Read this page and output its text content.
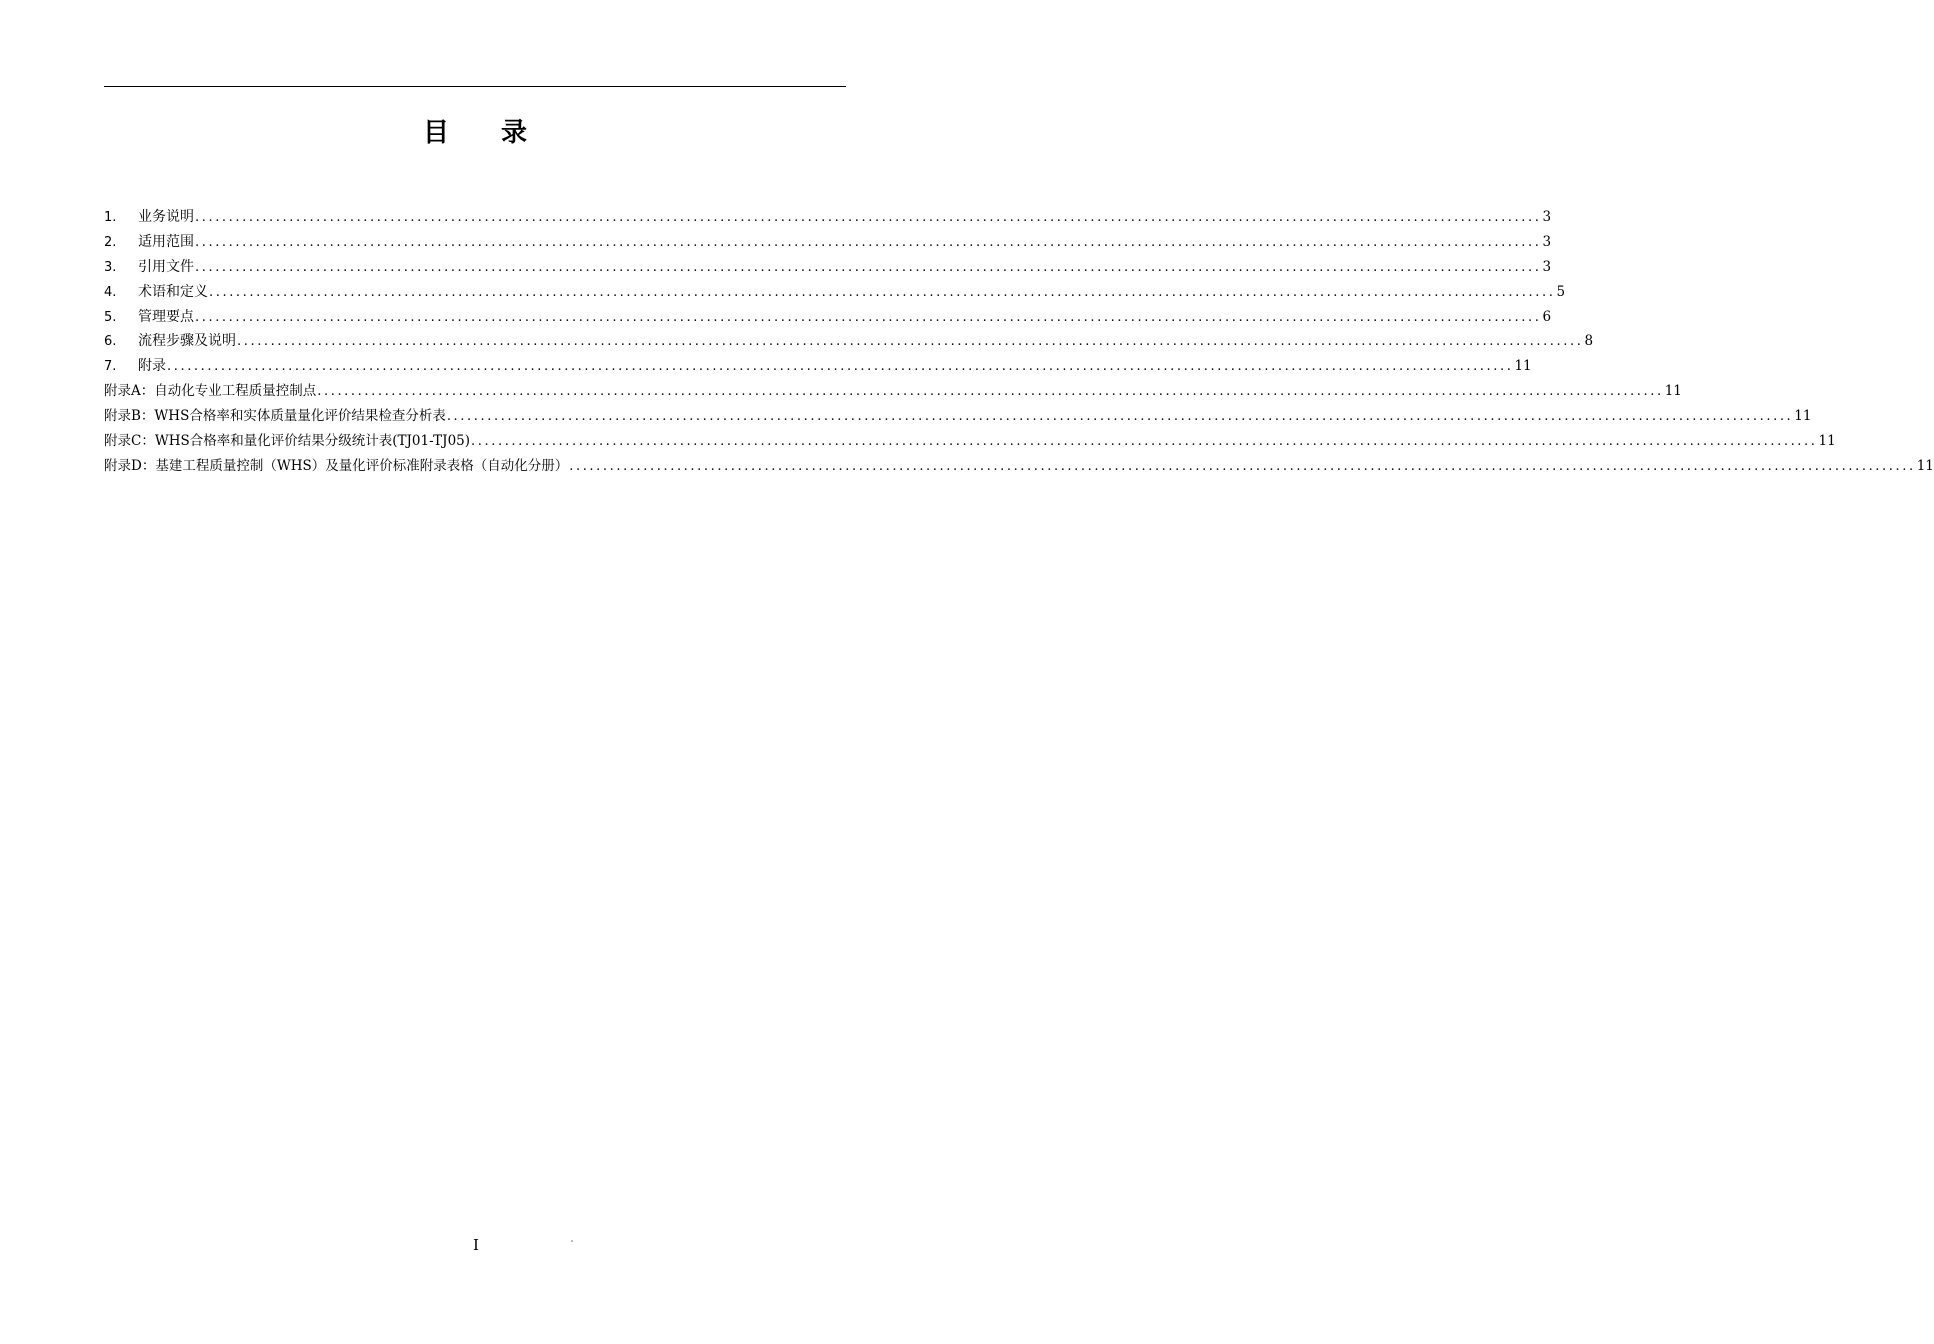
目录
1.	业务说明 ........................................................................................................................................................................................................ 3
2.	适用范围 ........................................................................................................................................................................................................ 3
3.	引用文件 ........................................................................................................................................................................................................ 3
4.	术语和定义 ........................................................................................................................................................................................................ 5
5.	管理要点 ........................................................................................................................................................................................................ 6
6.	流程步骤及说明 ........................................................................................................................................................................................................ 8
7.	附录 ........................................................................................................................................................................................................ 11
附录A：自动化专业工程质量控制点 ........................................................................................................................................................................................................ 11
附录B：WHS合格率和实体质量量化评价结果检查分析表 ........................................................................................................................................................................................................ 11
附录C：WHS合格率和量化评价结果分级统计表(TJ01-TJ05) ........................................................................................................................................................................................................ 11
附录D：基建工程质量控制（WHS）及量化评价标准附录表格（自动化分册） ........................................................................................................................................................................................................ 11
I
